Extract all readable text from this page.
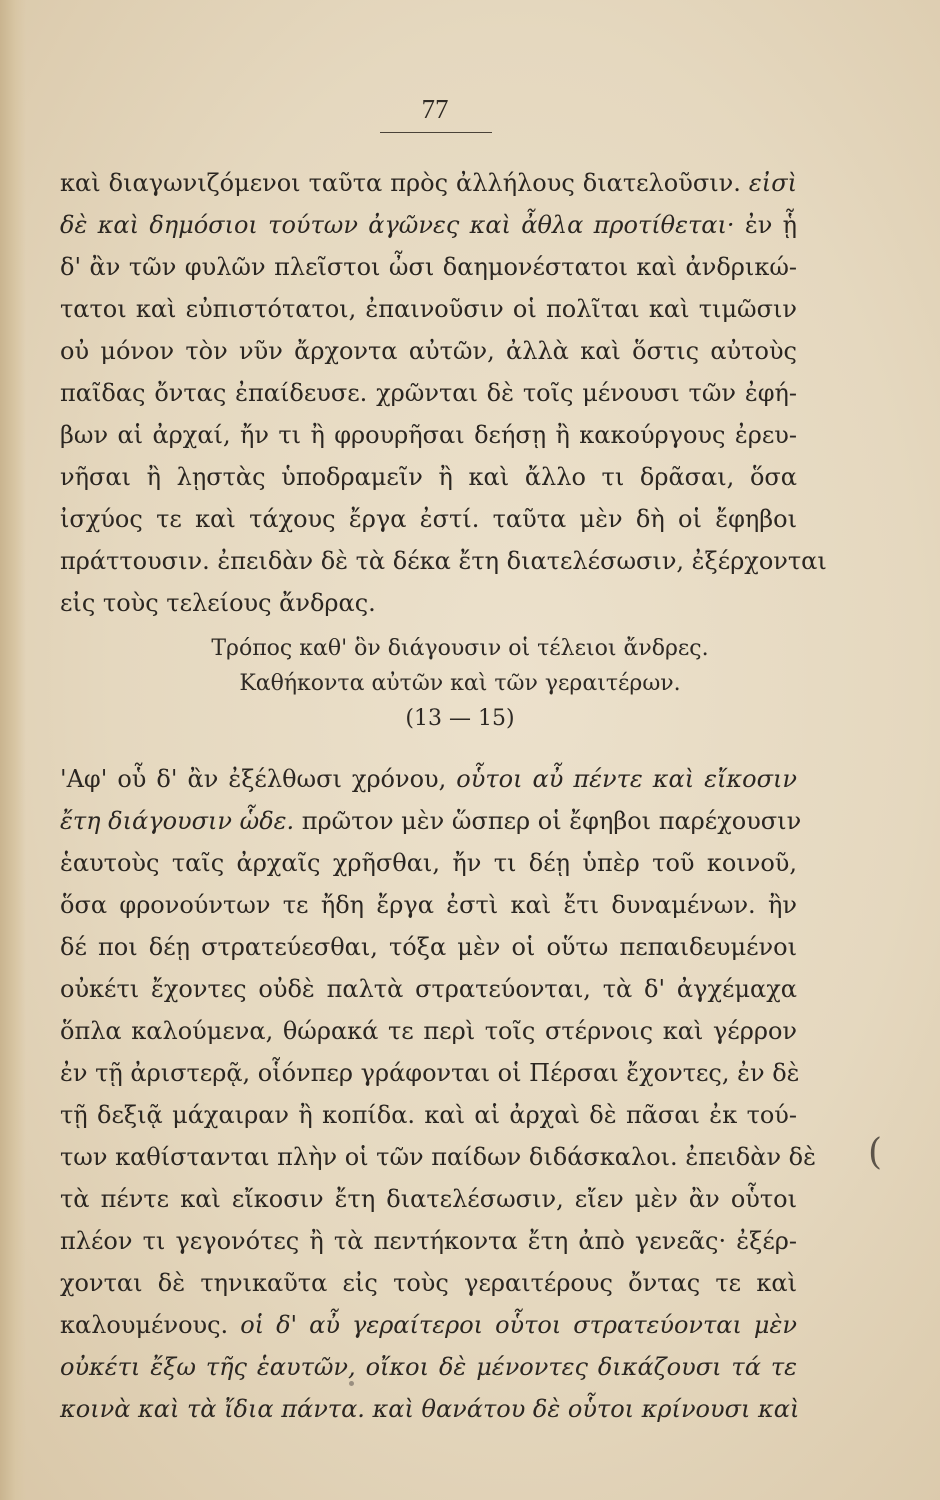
77
καὶ διαγωνιζόμενοι ταῦτα πρὸς ἀλλήλους διατελοῦσιν. εἰσὶ
δὲ καὶ δημόσιοι τούτων ἀγῶνες καὶ ἆθλα προτίθεται· ἐν ᾗ
δ' ἂν τῶν φυλῶν πλεῖστοι ὦσι δαημονέστατοι καὶ ἀνδρικώ-
τατοι καὶ εὐπιστότατοι, ἐπαινοῦσιν οἱ πολῖται καὶ τιμῶσιν
οὐ μόνον τὸν νῦν ἄρχοντα αὐτῶν, ἀλλὰ καὶ ὅστις αὐτοὺς
παῖδας ὄντας ἐπαίδευσε. χρῶνται δὲ τοῖς μένουσι τῶν ἐφή-
βων αἱ ἀρχαί, ἤν τι ἢ φρουρῆσαι δεήσῃ ἢ κακούργους ἐρευ-
νῆσαι ἢ λῃστὰς ὑποδραμεῖν ἢ καὶ ἄλλο τι δρᾶσαι, ὅσα
ἰσχύος τε καὶ τάχους ἔργα ἐστί. ταῦτα μὲν δὴ οἱ ἔφηβοι
πράττουσιν. ἐπειδὰν δὲ τὰ δέκα ἔτη διατελέσωσιν, ἐξέρχονται
εἰς τοὺς τελείους ἄνδρας.
Τρόπος καθ' ὃν διάγουσιν οἱ τέλειοι ἄνδρες.
Καθήκοντα αὐτῶν καὶ τῶν γεραιτέρων.
(13 — 15)
'Αφ' οὗ δ' ἂν ἐξέλθωσι χρόνου, οὗτοι αὖ πέντε καὶ εἴκοσιν
ἔτη διάγουσιν ὧδε. πρῶτον μὲν ὥσπερ οἱ ἔφηβοι παρέχουσιν
ἑαυτοὺς ταῖς ἀρχαῖς χρῆσθαι, ἤν τι δέῃ ὑπὲρ τοῦ κοινοῦ,
ὅσα φρονούντων τε ἤδη ἔργα ἐστὶ καὶ ἔτι δυναμένων. ἢν
δέ ποι δέῃ στρατεύεσθαι, τόξα μὲν οἱ οὕτω πεπαιδευμένοι
οὐκέτι ἔχοντες οὐδὲ παλτὰ στρατεύονται, τὰ δ' ἀγχέμαχα
ὅπλα καλούμενα, θώρακά τε περὶ τοῖς στέρνοις καὶ γέρρον
ἐν τῇ ἀριστερᾷ, οἷόνπερ γράφονται οἱ Πέρσαι ἔχοντες, ἐν δὲ
τῇ δεξιᾷ μάχαιραν ἢ κοπίδα. καὶ αἱ ἀρχαὶ δὲ πᾶσαι ἐκ τού-
των καθίστανται πλὴν οἱ τῶν παίδων διδάσκαλοι. ἐπειδὰν δὲ
τὰ πέντε καὶ εἴκοσιν ἔτη διατελέσωσιν, εἴεν μὲν ἂν οὗτοι
πλέον τι γεγονότες ἢ τὰ πεντήκοντα ἔτη ἀπὸ γενεᾶς· ἐξέρ-
χονται δὲ τηνικαῦτα εἰς τοὺς γεραιτέρους ὄντας τε καὶ
καλουμένους. οἱ δ' αὖ γεραίτεροι οὗτοι στρατεύονται μὲν
οὐκέτι ἔξω τῆς ἑαυτῶν, οἴκοι δὲ μένοντες δικάζουσι τά τε
κοινὰ καὶ τὰ ἴδια πάντα. καὶ θανάτου δὲ οὗτοι κρίνουσι καὶ
(
